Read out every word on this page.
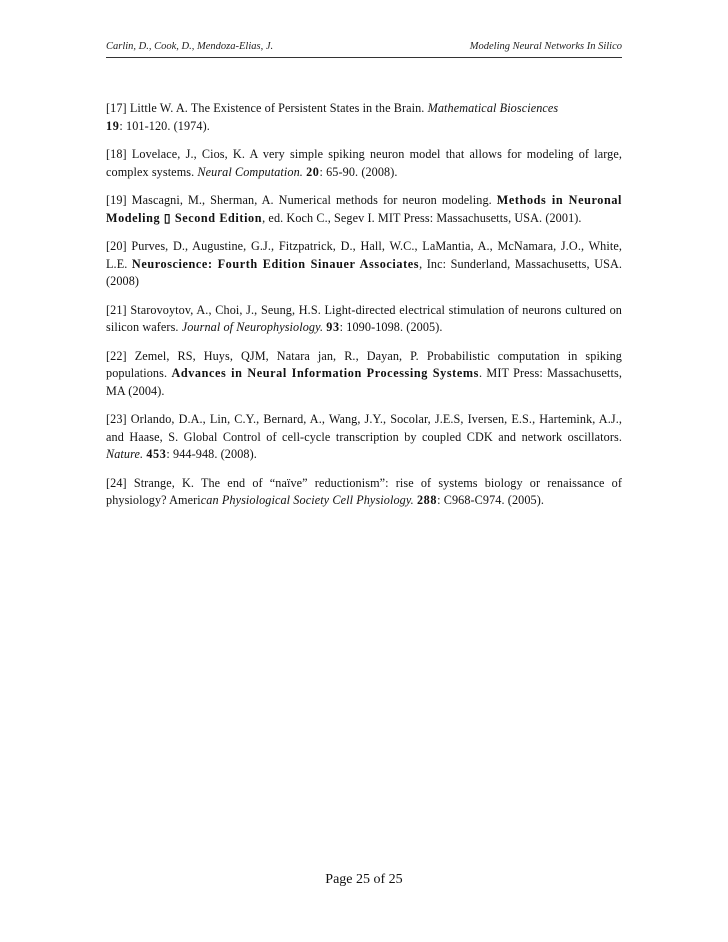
Carlin, D., Cook, D., Mendoza-Elias, J.	Modeling Neural Networks In Silico

[17] Little W. A. The Existence of Persistent States in the Brain. Mathematical Biosciences
19: 101-120. (1974).

[18] Lovelace, J., Cios, K. A very simple spiking neuron model that allows for modeling of large, complex systems. Neural Computation. 20: 65-90. (2008).

[19] Mascagni, M., Sherman, A. Numerical methods for neuron modeling. Methods in Neuronal Modeling ▯ Second Edition, ed. Koch C., Segev I. MIT Press: Massachusetts, USA. (2001).

[20] Purves, D., Augustine, G.J., Fitzpatrick, D., Hall, W.C., LaMantia, A., McNamara, J.O., White, L.E. Neuroscience: Fourth Edition Sinauer Associates, Inc: Sunderland, Massachusetts, USA. (2008)

[21] Starovoytov, A., Choi, J., Seung, H.S. Light-directed electrical stimulation of neurons cultured on silicon wafers. Journal of Neurophysiology. 93: 1090-1098. (2005).

[22] Zemel, RS, Huys, QJM, Natara jan, R., Dayan, P. Probabilistic computation in spiking populations. Advances in Neural Information Processing Systems. MIT Press: Massachusetts, MA (2004).

[23] Orlando, D.A., Lin, C.Y., Bernard, A., Wang, J.Y., Socolar, J.E.S, Iversen, E.S., Hartemink, A.J., and Haase, S. Global Control of cell-cycle transcription by coupled CDK and network oscillators. Nature. 453: 944-948. (2008).

[24] Strange, K. The end of “naïve” reductionism”: rise of systems biology or renaissance of physiology? American Physiological Society Cell Physiology. 288: C968-C974. (2005).

Page 25 of 25
